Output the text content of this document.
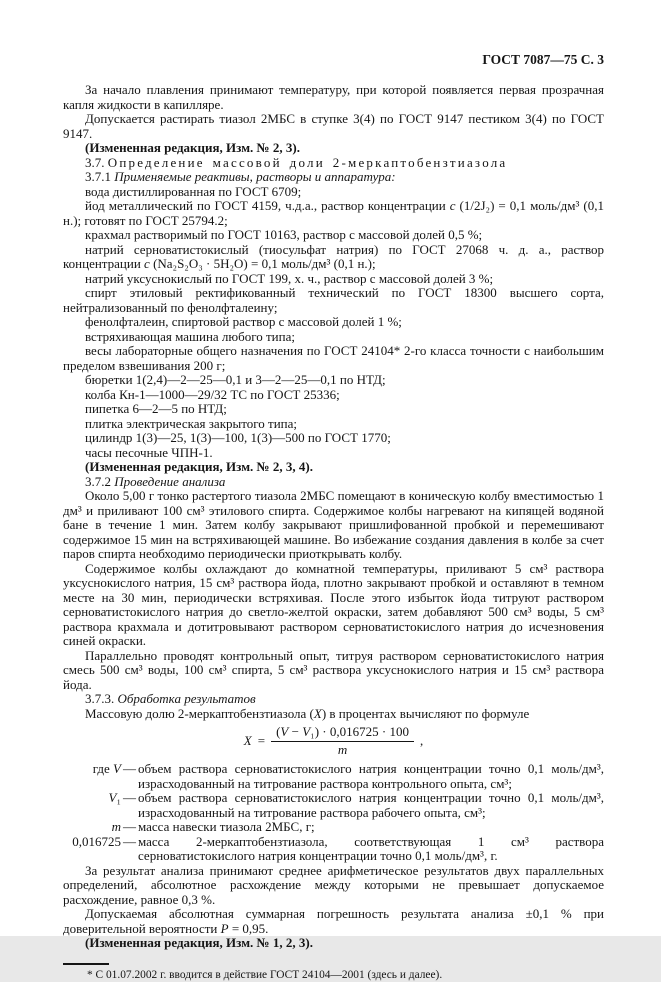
ГОСТ 7087—75 С. 3

За начало плавления принимают температуру, при которой появляется первая прозрачная капля жидкости в капилляре.

Допускается растирать тиазол 2МБС в ступке 3(4) по ГОСТ 9147 пестиком 3(4) по ГОСТ 9147.

(Измененная редакция, Изм. № 2, 3).

3.7. Определение массовой доли 2-меркаптобензтиазола

3.7.1 Применяемые реактивы, растворы и аппаратура:

вода дистиллированная по ГОСТ 6709;

йод металлический по ГОСТ 4159, ч.д.а., раствор концентрации с (1/2J₂) = 0,1 моль/дм³ (0,1 н.); готовят по ГОСТ 25794.2;

крахмал растворимый по ГОСТ 10163, раствор с массовой долей 0,5 %;

натрий серноватистокислый (тиосульфат натрия) по ГОСТ 27068 ч. д. а., раствор концентрации с (Na₂S₂O₃ · 5Н₂О) = 0,1 моль/дм³ (0,1 н.);

натрий уксуснокислый по ГОСТ 199, х. ч., раствор с массовой долей 3 %;

спирт этиловый ректификованный технический по ГОСТ 18300 высшего сорта, нейтрализованный по фенолфталеину;

фенолфталеин, спиртовой раствор с массовой долей 1 %;

встряхивающая машина любого типа;

весы лабораторные общего назначения по ГОСТ 24104* 2-го класса точности с наибольшим пределом взвешивания 200 г;

бюретки 1(2,4)—2—25—0,1 и 3—2—25—0,1 по НТД;

колба Кн-1—1000—29/32 ТС по ГОСТ 25336;

пипетка 6—2—5 по НТД;

плитка электрическая закрытого типа;

цилиндр 1(3)—25, 1(3)—100, 1(3)—500 по ГОСТ 1770;

часы песочные ЧПН-1.

(Измененная редакция, Изм. № 2, 3, 4).

3.7.2 Проведение анализа

Около 5,00 г тонко растертого тиазола 2МБС помещают в коническую колбу вместимостью 1 дм³ и приливают 100 см³ этилового спирта. Содержимое колбы нагревают на кипящей водяной бане в течение 1 мин. Затем колбу закрывают пришлифованной пробкой и перемешивают содержимое 15 мин на встряхивающей машине. Во избежание создания давления в колбе за счет паров спирта необходимо периодически приоткрывать колбу.

Содержимое колбы охлаждают до комнатной температуры, приливают 5 см³ раствора уксуснокислого натрия, 15 см³ раствора йода, плотно закрывают пробкой и оставляют в темном месте на 30 мин, периодически встряхивая. После этого избыток йода титруют раствором серноватистокислого натрия до светло-желтой окраски, затем добавляют 500 см³ воды, 5 см³ раствора крахмала и дотитровывают раствором серноватистокислого натрия до исчезновения синей окраски.

Параллельно проводят контрольный опыт, титруя раствором серноватистокислого натрия смесь 500 см³ воды, 100 см³ спирта, 5 см³ раствора уксуснокислого натрия и 15 см³ раствора йода.

3.7.3. Обработка результатов

Массовую долю 2-меркаптобензтиазола (X) в процентах вычисляют по формуле

$X = \frac{\text{(V − V₁) · 0,016725 · 100}}{m}$ ,
где V — объем раствора серноватистокислого натрия концентрации точно 0,1 моль/дм³, израсходованный на титрование раствора контрольного опыта, см³;
V₁ — объем раствора серноватистокислого натрия концентрации точно 0,1 моль/дм³, израсходованный на титрование раствора рабочего опыта, см³;
m — масса навески тиазола 2МБС, г;
0,016725 — масса 2-меркаптобензтиазола, соответствующая 1 см³ раствора серноватистокислого натрия концентрации точно 0,1 моль/дм³, г.

За результат анализа принимают среднее арифметическое результатов двух параллельных определений, абсолютное расхождение между которыми не превышает допускаемое расхождение, равное 0,3 %.

Допускаемая абсолютная суммарная погрешность результата анализа ±0,1 % при доверительной вероятности Р = 0,95.

(Измененная редакция, Изм. № 1, 2, 3).

* С 01.07.2002 г. вводится в действие ГОСТ 24104—2001 (здесь и далее).
